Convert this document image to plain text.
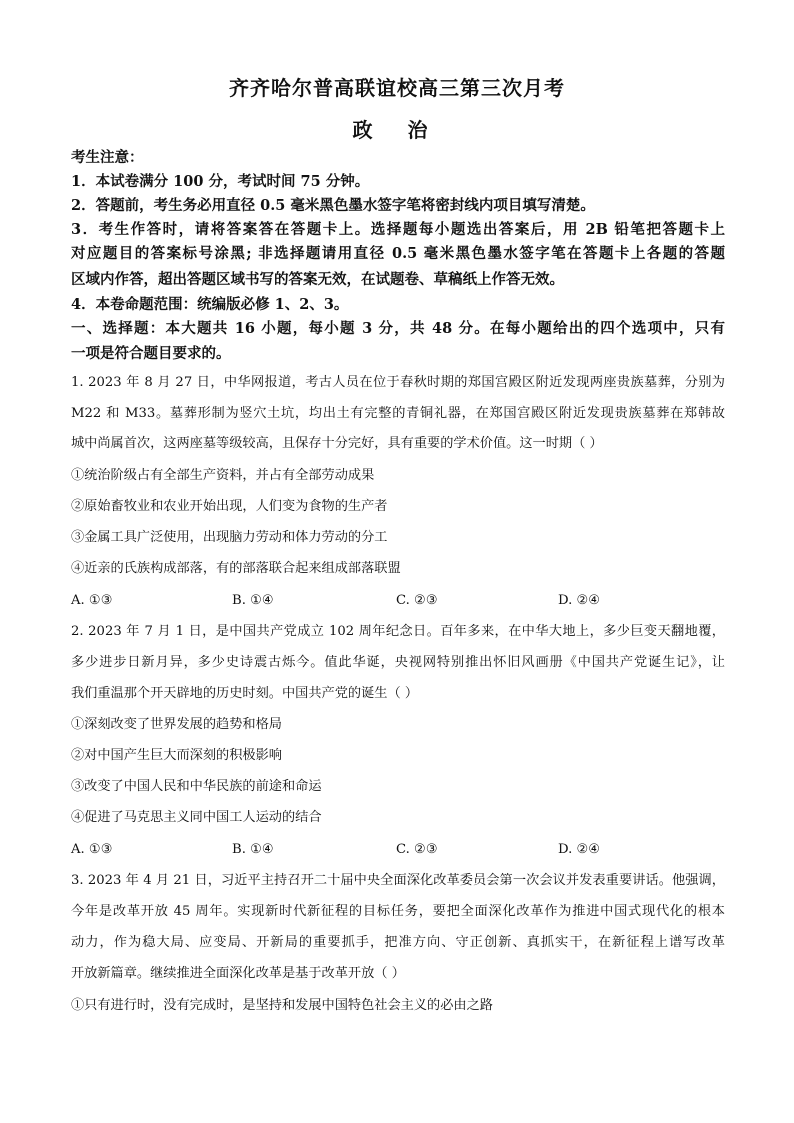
齐齐哈尔普高联谊校高三第三次月考
政 治
考生注意：
1．本试卷满分 100 分，考试时间 75 分钟。
2．答题前，考生务必用直径 0.5 毫米黑色墨水签字笔将密封线内项目填写清楚。
3．考生作答时，请将答案答在答题卡上。选择题每小题选出答案后，用 2B 铅笔把答题卡上
对应题目的答案标号涂黑; 非选择题请用直径 0.5 毫米黑色墨水签字笔在答题卡上各题的答题
区域内作答，超出答题区域书写的答案无效，在试题卷、草稿纸上作答无效。
4．本卷命题范围：统编版必修 1、2、3。
一、选择题：本大题共 16 小题，每小题 3 分，共 48 分。在每小题给出的四个选项中，只有
一项是符合题目要求的。
1. 2023 年 8 月 27 日，中华网报道，考古人员在位于春秋时期的郑国宫殿区附近发现两座贵族墓葬，分别为
M22 和 M33。墓葬形制为竖穴土坑，均出土有完整的青铜礼器，在郑国宫殿区附近发现贵族墓葬在郑韩故
城中尚属首次，这两座墓等级较高，且保存十分完好，具有重要的学术价值。这一时期（ ）
①统治阶级占有全部生产资料，并占有全部劳动成果
②原始畜牧业和农业开始出现，人们变为食物的生产者
③金属工具广泛使用，出现脑力劳动和体力劳动的分工
④近亲的氏族构成部落，有的部落联合起来组成部落联盟
A. ①③	B. ①④	C. ②③	D. ②④
2. 2023 年 7 月 1 日，是中国共产党成立 102 周年纪念日。百年多来，在中华大地上，多少巨变天翻地覆，
多少进步日新月异，多少史诗震古烁今。值此华诞，央视网特别推出怀旧风画册《中国共产党诞生记》，让
我们重温那个开天辟地的历史时刻。中国共产党的诞生（ ）
①深刻改变了世界发展的趋势和格局
②对中国产生巨大而深刻的积极影响
③改变了中国人民和中华民族的前途和命运
④促进了马克思主义同中国工人运动的结合
A. ①③	B. ①④	C. ②③	D. ②④
3. 2023 年 4 月 21 日，习近平主持召开二十届中央全面深化改革委员会第一次会议并发表重要讲话。他强调，
今年是改革开放 45 周年。实现新时代新征程的目标任务，要把全面深化改革作为推进中国式现代化的根本
动力，作为稳大局、应变局、开新局的重要抓手，把准方向、守正创新、真抓实干，在新征程上谱写改革
开放新篇章。继续推进全面深化改革是基于改革开放（ ）
①只有进行时，没有完成时，是坚持和发展中国特色社会主义的必由之路
